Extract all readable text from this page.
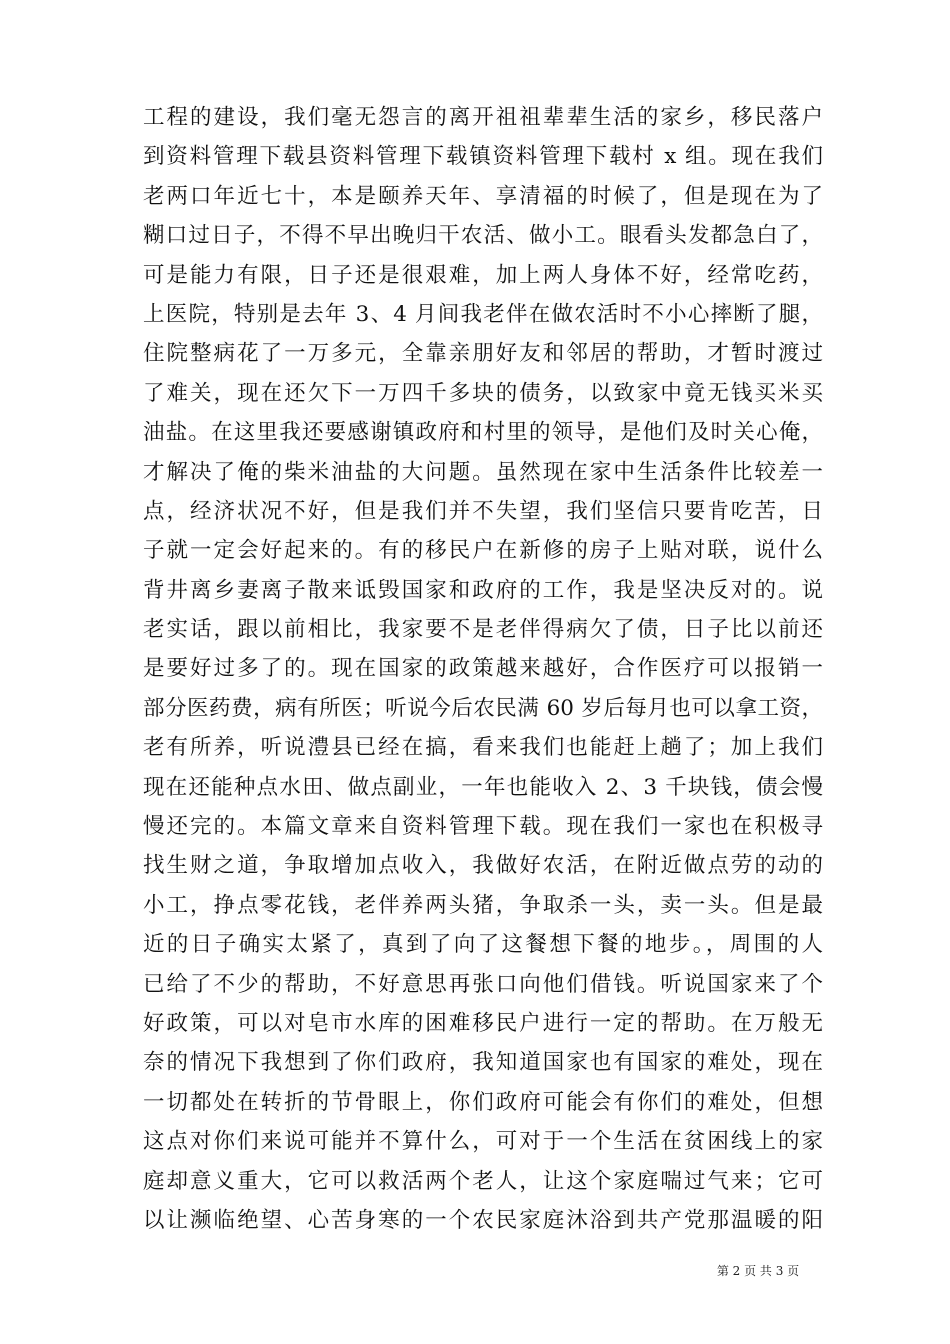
工程的建设，我们毫无怨言的离开祖祖辈辈生活的家乡，移民落户
到资料管理下载县资料管理下载镇资料管理下载村 x 组。现在我们
老两口年近七十，本是颐养天年、享清福的时候了，但是现在为了
糊口过日子，不得不早出晚归干农活、做小工。眼看头发都急白了，
可是能力有限，日子还是很艰难，加上两人身体不好，经常吃药，
上医院，特别是去年 3、4 月间我老伴在做农活时不小心摔断了腿，
住院整病花了一万多元，全靠亲朋好友和邻居的帮助，才暂时渡过
了难关，现在还欠下一万四千多块的债务，以致家中竟无钱买米买
油盐。在这里我还要感谢镇政府和村里的领导，是他们及时关心俺，
才解决了俺的柴米油盐的大问题。虽然现在家中生活条件比较差一
点，经济状况不好，但是我们并不失望，我们坚信只要肯吃苦，日
子就一定会好起来的。有的移民户在新修的房子上贴对联，说什么
背井离乡妻离子散来诋毁国家和政府的工作，我是坚决反对的。说
老实话，跟以前相比，我家要不是老伴得病欠了债，日子比以前还
是要好过多了的。现在国家的政策越来越好，合作医疗可以报销一
部分医药费，病有所医；听说今后农民满 60 岁后每月也可以拿工资，
老有所养，听说澧县已经在搞，看来我们也能赶上趟了；加上我们
现在还能种点水田、做点副业，一年也能收入 2、3 千块钱，债会慢
慢还完的。本篇文章来自资料管理下载。现在我们一家也在积极寻
找生财之道，争取增加点收入，我做好农活，在附近做点劳的动的
小工，挣点零花钱，老伴养两头猪，争取杀一头，卖一头。但是最
近的日子确实太紧了，真到了向了这餐想下餐的地步。，周围的人
已给了不少的帮助，不好意思再张口向他们借钱。听说国家来了个
好政策，可以对皂市水库的困难移民户进行一定的帮助。在万般无
奈的情况下我想到了你们政府，我知道国家也有国家的难处，现在
一切都处在转折的节骨眼上，你们政府可能会有你们的难处，但想
这点对你们来说可能并不算什么，可对于一个生活在贫困线上的家
庭却意义重大，它可以救活两个老人，让这个家庭喘过气来；它可
以让濒临绝望、心苦身寒的一个农民家庭沐浴到共产党那温暖的阳
第 2 页 共 3 页
